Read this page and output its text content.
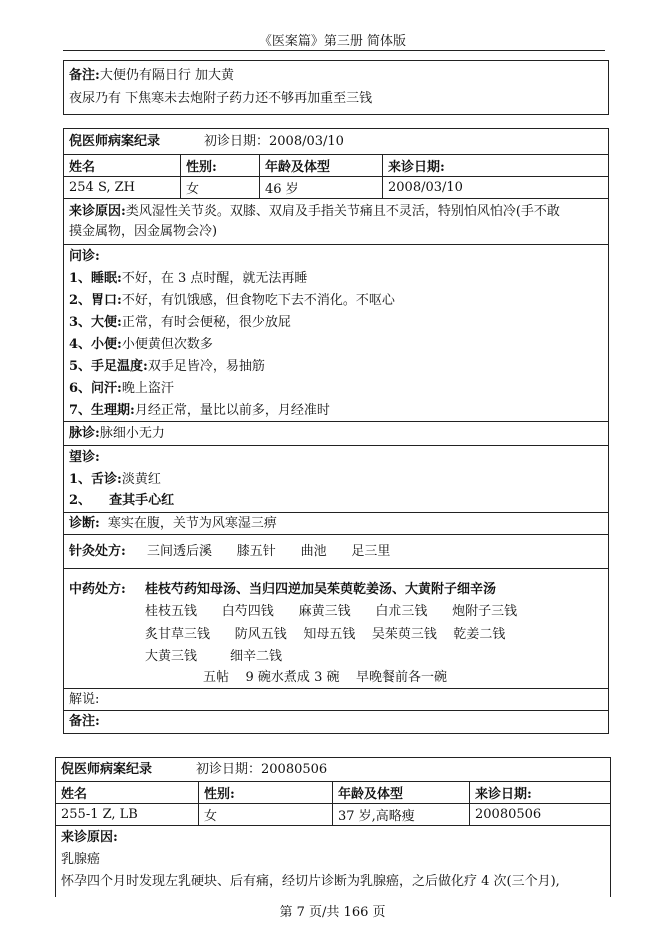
《医案篇》第三册 简体版
备注:大便仍有隔日行 加大黄
夜尿乃有 下焦寒未去炮附子药力还不够再加重至三钱
倪医师病案纪录	初诊日期：2008/03/10
姓名	性别:	年龄及体型	来诊日期:
254 S, ZH	女	46 岁	2008/03/10
来诊原因:类风湿性关节炎。双膝、双肩及手指关节痛且不灵活，特别怕风怕冷(手不敢
摸金属物，因金属物会冷)
问诊:
1、睡眠:不好，在 3 点时醒，就无法再睡
2、胃口:不好，有饥饿感，但食物吃下去不消化。不呕心
3、大便:正常，有时会便秘，很少放屁
4、小便:小便黄但次数多
5、手足温度:双手足皆冷，易抽筋
6、问汗:晚上盗汗
7、生理期:月经正常，量比以前多，月经准时
脉诊:脉细小无力
望诊:
1、舌诊:淡黄红
2、    查其手心红
诊断: 寒实在腹，关节为风寒湿三痹
针灸处方: 三间透后溪      膝五针      曲池      足三里
中药处方: 桂枝芍药知母汤、当归四逆加吴茱萸乾姜汤、大黄附子细辛汤
桂枝五钱      白芍四钱      麻黄三钱      白朮三钱      炮附子三钱
炙甘草三钱      防风五钱    知母五钱    吴茱萸三钱    乾姜二钱
大黄三钱        细辛二钱
五帖    9 碗水煮成 3 碗    早晚餐前各一碗
解说:
备注:
倪医师病案纪录	初诊日期：20080506
姓名	性别:	年龄及体型	来诊日期:
255-1 Z, LB	女	37 岁,高略瘦	20080506
来诊原因:
乳腺癌
怀孕四个月时发现左乳硬块、后有痛，经切片诊断为乳腺癌，之后做化疗 4 次(三个月),
第 7 页/共 166 页
